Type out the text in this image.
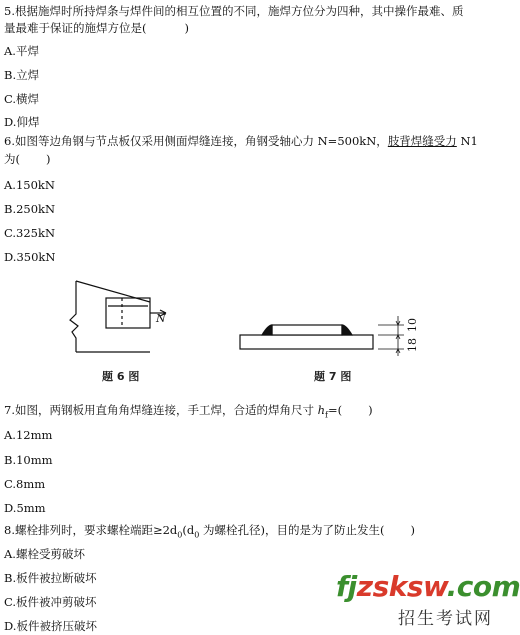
5.根据施焊时所持焊条与焊件间的相互位置的不同，施焊方位分为四种，其中操作最难、质
量最难于保证的施焊方位是(	)
A.平焊
B.立焊
C.横焊
D.仰焊
6.如图等边角钢与节点板仅采用侧面焊缝连接，角钢受轴心力 N=500kN，肢背焊缝受力 N1
为( )
A.150kN
B.250kN
C.325kN
D.350kN
N
题 6 图
10
18
题 7 图
7.如图，两钢板用直角角焊缝连接，手工焊，合适的焊角尺寸 $h_f=$( )
A.12mm
B.10mm
C.8mm
D.5mm
8.螺栓排列时，要求螺栓端距$\ge 2d_0(d_0$ 为螺栓孔径)，目的是为了防止发生( )
A.螺栓受剪破坏
B.板件被拉断破坏
C.板件被冲剪破坏
D.板件被挤压破坏
fjzsksw.com
招生考试网
